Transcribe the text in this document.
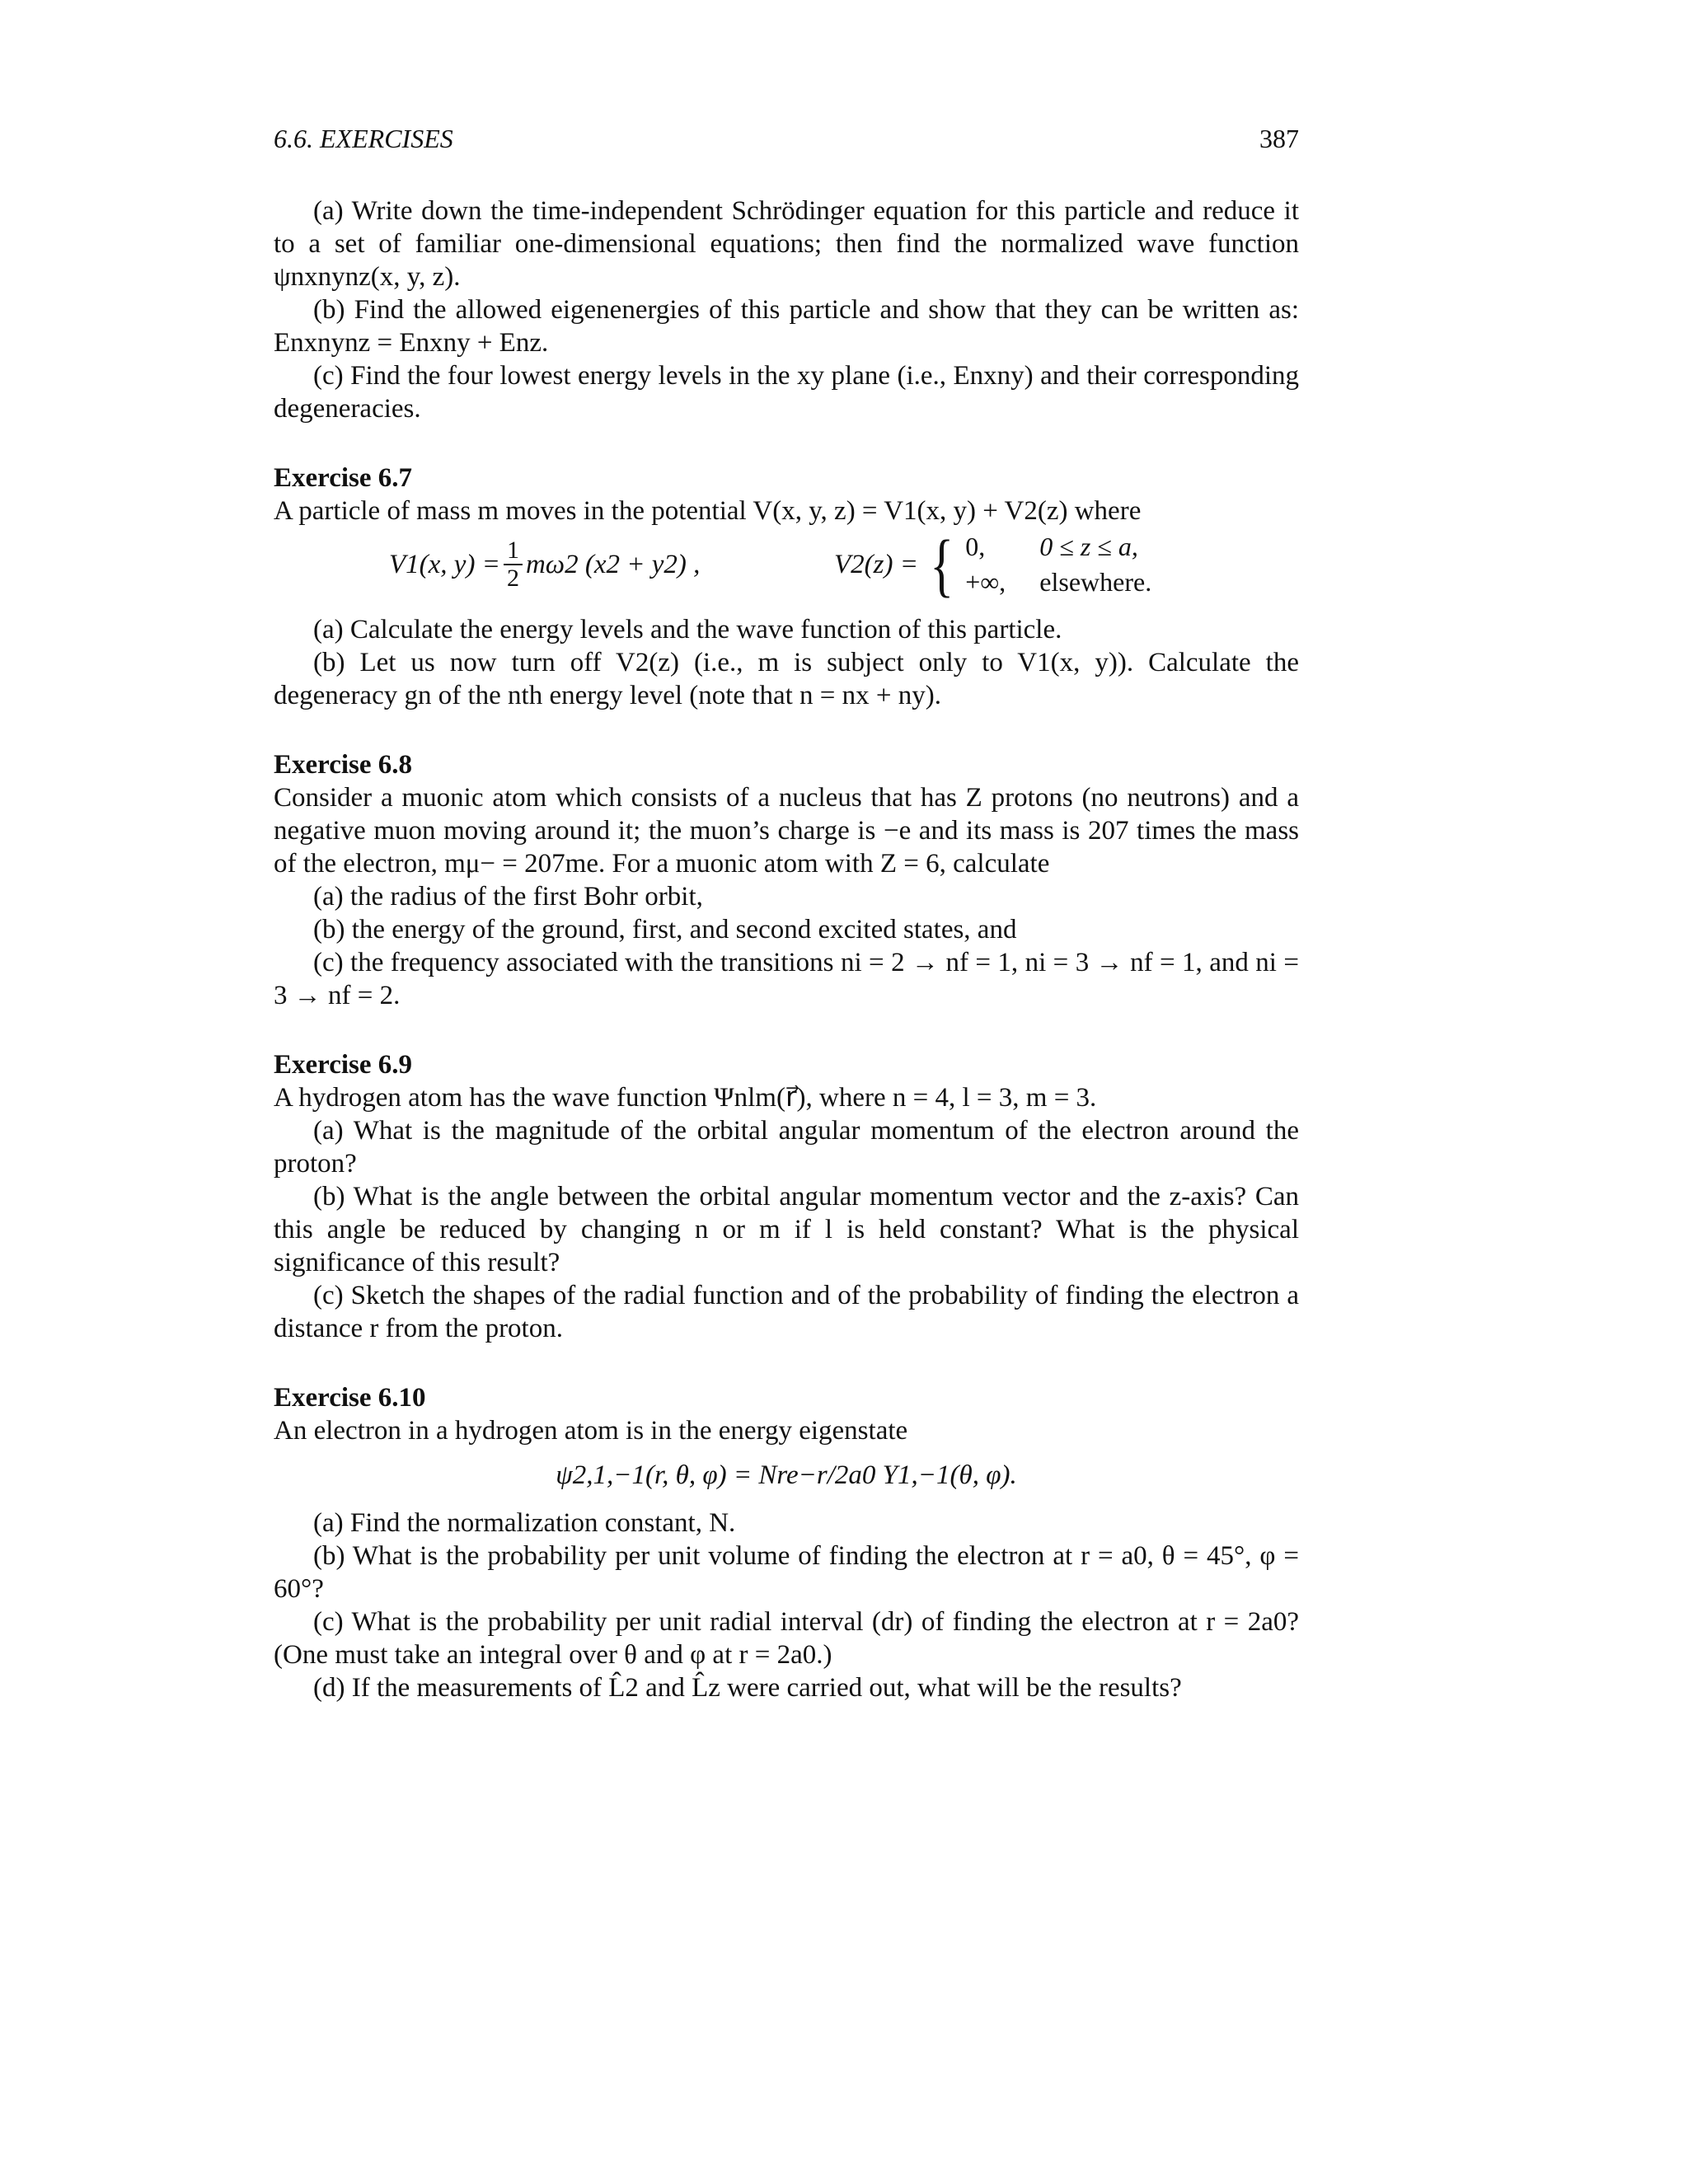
6.6. EXERCISES	387

(a) Write down the time-independent Schrödinger equation for this particle and reduce it to a set of familiar one-dimensional equations; then find the normalized wave function ψnxnynz(x, y, z).

(b) Find the allowed eigenenergies of this particle and show that they can be written as: Enxnynz = Enxny + Enz.

(c) Find the four lowest energy levels in the xy plane (i.e., Enxny) and their corresponding degeneracies.

Exercise 6.7

A particle of mass m moves in the potential V(x, y, z) = V1(x, y) + V2(z) where

V1(x, $y) = \frac{1}{2} m\omega 2$ (x2 + y2) ,	V2(z) = { 0,	0 ≤ z ≤ a,
+∞,	elsewhere.

(a) Calculate the energy levels and the wave function of this particle.

(b) Let us now turn off V2(z) (i.e., m is subject only to V1(x, y)). Calculate the degeneracy gn of the nth energy level (note that n = nx + ny).

Exercise 6.8

Consider a muonic atom which consists of a nucleus that has Z protons (no neutrons) and a negative muon moving around it; the muon’s charge is −e and its mass is 207 times the mass of the electron, mμ− = 207me. For a muonic atom with Z = 6, calculate

(a) the radius of the first Bohr orbit,

(b) the energy of the ground, first, and second excited states, and

(c) the frequency associated with the transitions ni = 2 → nf = 1, ni = 3 → nf = 1, and ni = 3 → nf = 2.

Exercise 6.9

A hydrogen atom has the wave function Ψnlm(r⃗), where n = 4, l = 3, m = 3.

(a) What is the magnitude of the orbital angular momentum of the electron around the proton?

(b) What is the angle between the orbital angular momentum vector and the z-axis? Can this angle be reduced by changing n or m if l is held constant? What is the physical significance of this result?

(c) Sketch the shapes of the radial function and of the probability of finding the electron a distance r from the proton.

Exercise 6.10

An electron in a hydrogen atom is in the energy eigenstate

ψ2,1,−1(r, θ, φ) = Nre−r/2a0 Y1,−1(θ, φ).

(a) Find the normalization constant, N.

(b) What is the probability per unit volume of finding the electron at r = a0, θ = 45°, φ = 60°?

(c) What is the probability per unit radial interval (dr) of finding the electron at r = 2a0? (One must take an integral over θ and φ at r = 2a0.)

(d) If the measurements of L̂2 and L̂z were carried out, what will be the results?
